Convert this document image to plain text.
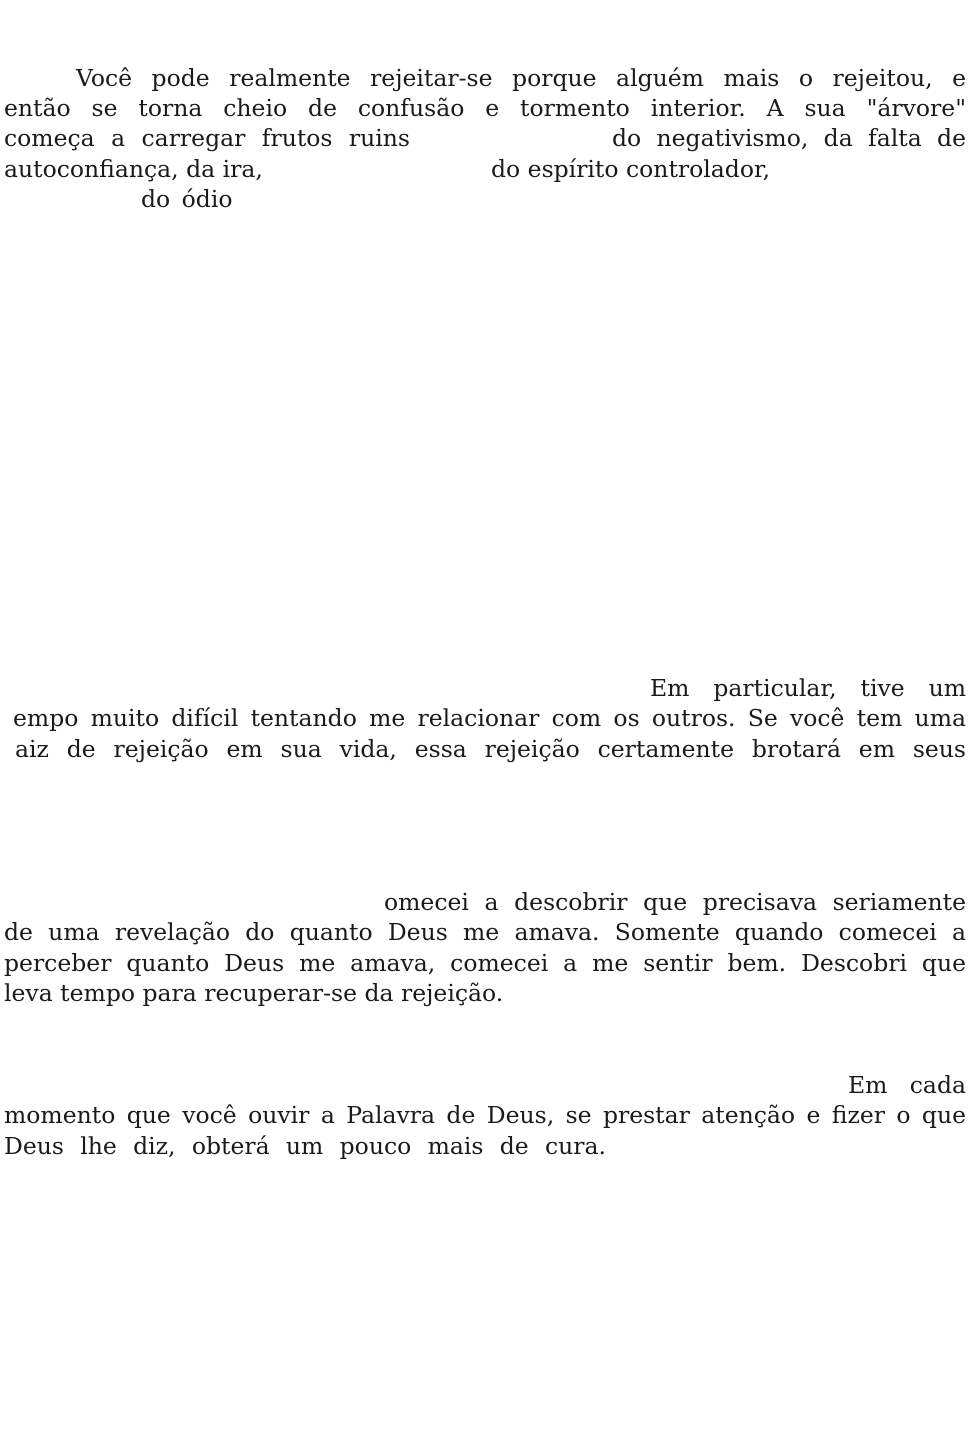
Você pode realmente rejeitar-se porque alguém mais o rejeitou, e
então se torna cheio de confusão e tormento interior. A sua "árvore"
começa a carregar frutos ruins	do negativismo, da falta de
autoconfiança, da ira,	do espírito controlador,
do ódio
Em particular, tive um
empo muito difícil tentando me relacionar com os outros. Se você tem uma
aiz de rejeição em sua vida, essa rejeição certamente brotará em seus
omecei a descobrir que precisava seriamente
de uma revelação do quanto Deus me amava. Somente quando comecei a
perceber quanto Deus me amava, comecei a me sentir bem. Descobri que
leva tempo para recuperar-se da rejeição.
Em cada
momento que você ouvir a Palavra de Deus, se prestar atenção e fizer o que
Deus lhe diz, obterá um pouco mais de cura.
